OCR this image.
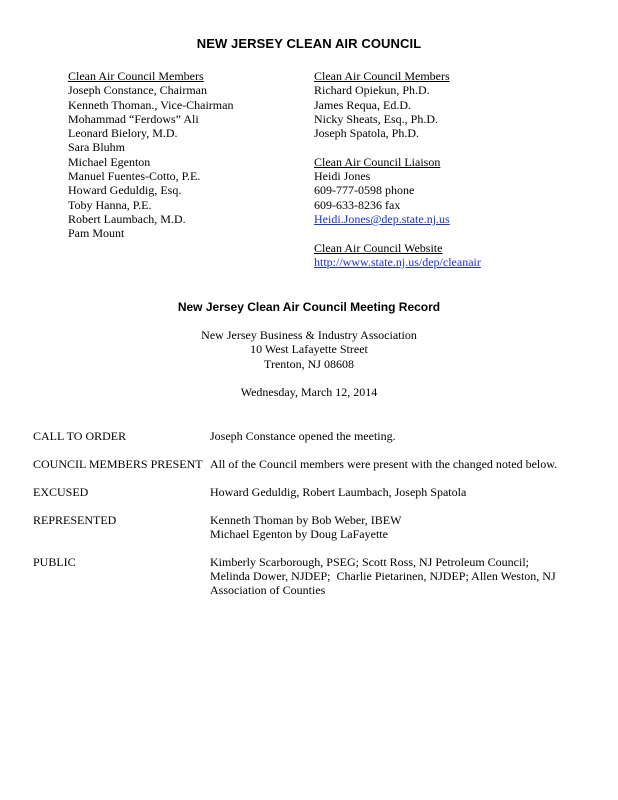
NEW JERSEY CLEAN AIR COUNCIL
Clean Air Council Members
Joseph Constance, Chairman
Kenneth Thoman., Vice-Chairman
Mohammad “Ferdows” Ali
Leonard Bielory, M.D.
Sara Bluhm
Michael Egenton
Manuel Fuentes-Cotto, P.E.
Howard Geduldig, Esq.
Toby Hanna, P.E.
Robert Laumbach, M.D.
Pam Mount
Clean Air Council Members
Richard Opiekun, Ph.D.
James Requa, Ed.D.
Nicky Sheats, Esq., Ph.D.
Joseph Spatola, Ph.D.
Clean Air Council Liaison
Heidi Jones
609-777-0598 phone
609-633-8236 fax
Heidi.Jones@dep.state.nj.us
Clean Air Council Website
http://www.state.nj.us/dep/cleanair
New Jersey Clean Air Council Meeting Record
New Jersey Business & Industry Association
10 West Lafayette Street
Trenton, NJ 08608
Wednesday, March 12, 2014
CALL TO ORDER	Joseph Constance opened the meeting.
COUNCIL MEMBERS PRESENT All of the Council members were present with the changed noted below.
EXCUSED	Howard Geduldig, Robert Laumbach, Joseph Spatola
REPRESENTED	Kenneth Thoman by Bob Weber, IBEW
Michael Egenton by Doug LaFayette
PUBLIC	Kimberly Scarborough, PSEG; Scott Ross, NJ Petroleum Council;
Melinda Dower, NJDEP;  Charlie Pietarinen, NJDEP; Allen Weston, NJ
Association of Counties
